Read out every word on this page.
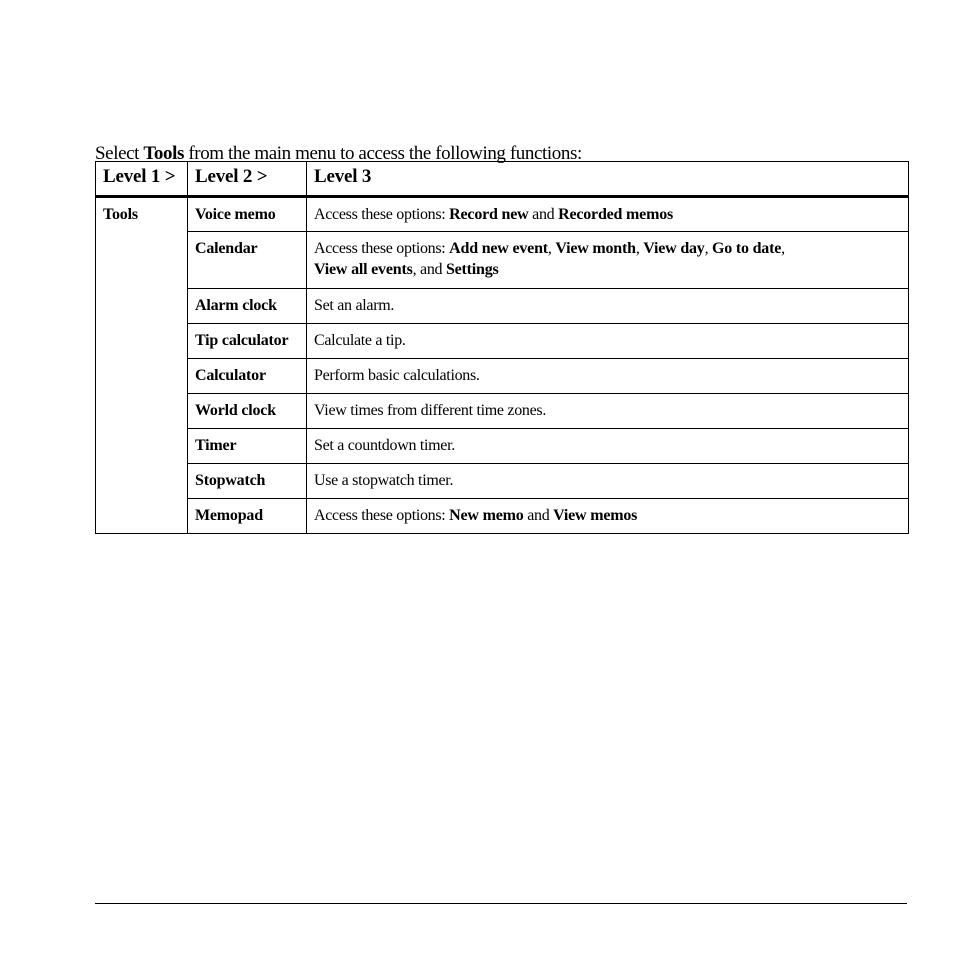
Select Tools from the main menu to access the following functions:

Level 1 >	Level 2 >	Level 3
Tools	Voice memo	Access these options: Record new and Recorded memos
	Calendar	Access these options: Add new event, View month, View day, Go to date,
View all events, and Settings
	Alarm clock	Set an alarm.
	Tip calculator	Calculate a tip.
	Calculator	Perform basic calculations.
	World clock	View times from different time zones.
	Timer	Set a countdown timer.
	Stopwatch	Use a stopwatch timer.
	Memopad	Access these options: New memo and View memos
